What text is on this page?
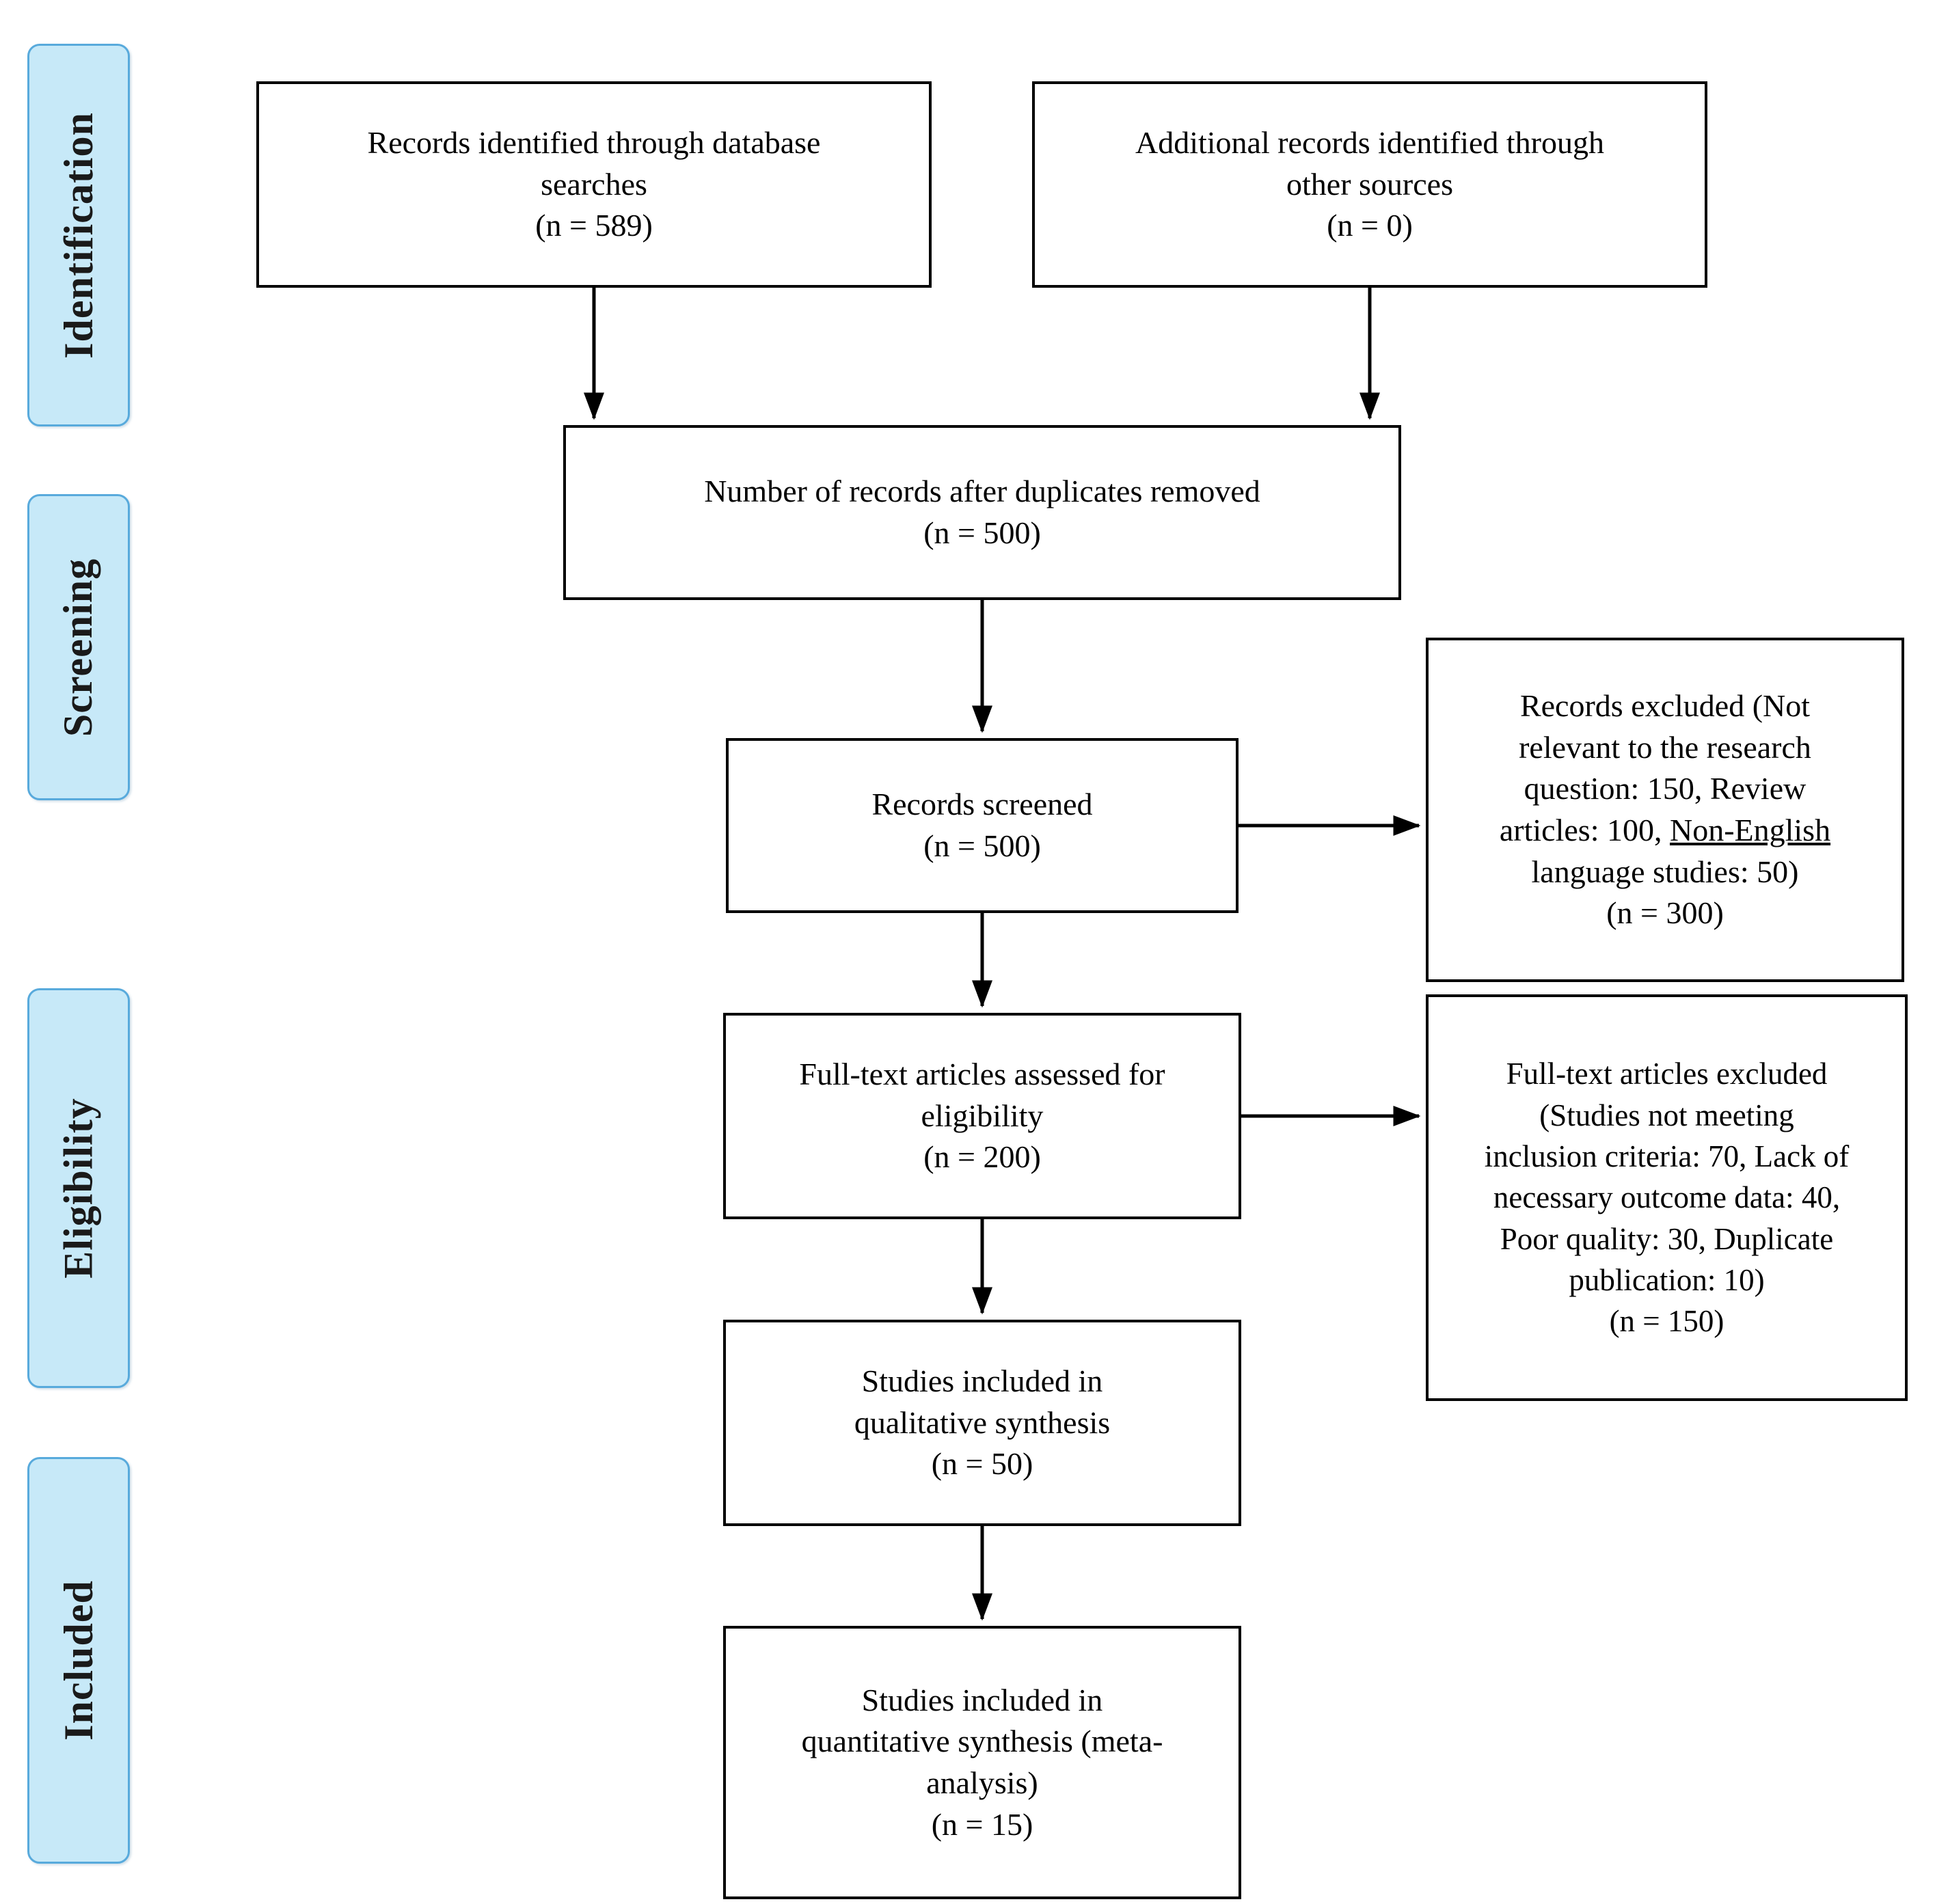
Identification
Screening
Eligibility
Included
Records identified through database
searches
(n = 589)
Additional records identified through
other sources
(n = 0)
Number of records after duplicates removed
(n = 500)
Records screened
(n = 500)
Records excluded (Not
relevant to the research
question: 150, Review
articles: 100, Non-English
language studies: 50)
(n = 300)
Full-text articles assessed for
eligibility
(n = 200)
Full-text articles excluded
(Studies not meeting
inclusion criteria: 70, Lack of
necessary outcome data: 40,
Poor quality: 30, Duplicate
publication: 10)
(n = 150)
Studies included in
qualitative synthesis
(n = 50)
Studies included in
quantitative synthesis (meta-
analysis)
(n = 15)
